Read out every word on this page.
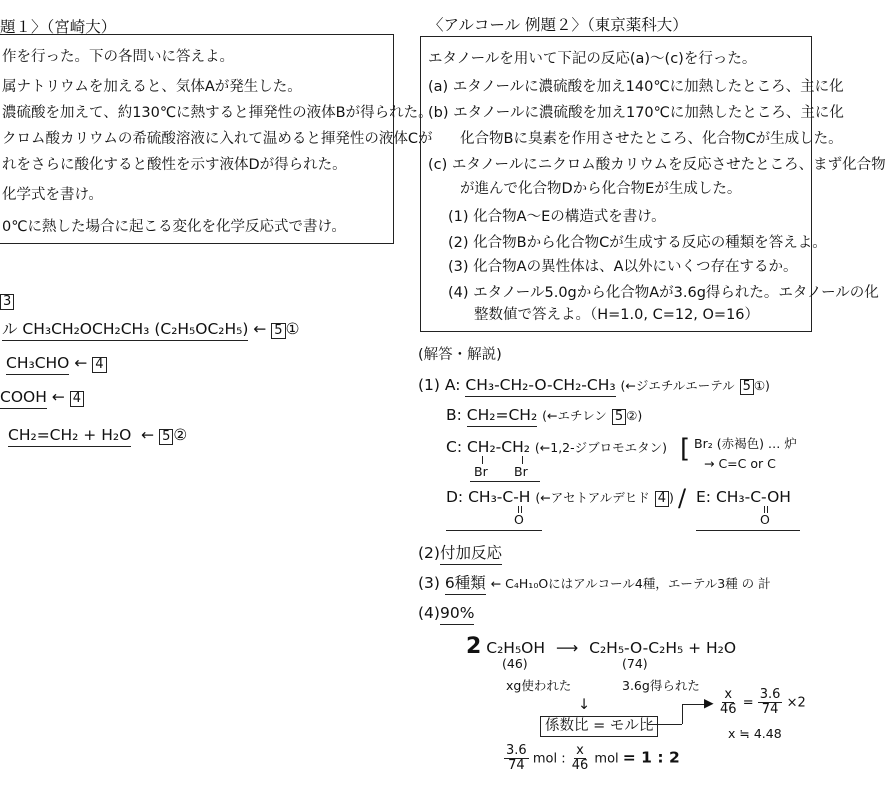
題１〉（宮崎大）
作を行った。下の各問いに答えよ。
属ナトリウムを加えると、気体Aが発生した。
濃硫酸を加えて、約130℃に熱すると揮発性の液体Bが得られた。
クロム酸カリウムの希硫酸溶液に入れて温めると揮発性の液体Cが
れをさらに酸化すると酸性を示す液体Dが得られた。
化学式を書け。
0℃に熱した場合に起こる変化を化学反応式で書け。
3
ル CH₃CH₂OCH₂CH₃ (C₂H₅OC₂H₅) ← 5 ①
CH₃CHO ← 4
COOH ← 4
CH₂=CH₂ + H₂O  ← 5 ②
〈アルコール 例題２〉（東京薬科大）
エタノールを用いて下記の反応(a)〜(c)を行った。
(a) エタノールに濃硫酸を加え140℃に加熱したところ、主に化
(b) エタノールに濃硫酸を加え170℃に加熱したところ、主に化
化合物Bに臭素を作用させたところ、化合物Cが生成した。
(c) エタノールにニクロム酸カリウムを反応させたところ、まず化合物
が進んで化合物Dから化合物Eが生成した。
(1) 化合物A〜Eの構造式を書け。
(2) 化合物Bから化合物Cが生成する反応の種類を答えよ。
(3) 化合物Aの異性体は、A以外にいくつ存在するか。
(4) エタノール5.0gから化合物Aが3.6g得られた。エタノールの化
整数値で答えよ。（H=1.0, C=12, O=16）
(解答・解説)
(1) A: CH₃-CH₂-O-CH₂-CH₃ (←ジエチルエーテル 5 ①)
B: CH₂=CH₂ (←エチレン 5 ②)
C: CH₂-CH₂ (←1,2-ジブロモエタン)
Br Br
[ Br₂ (赤褐色) … 炉
→ C=C or C
D: CH₃-C-H (←アセトアルデヒド 4 )
O
/ E: CH₃-C-OH
O
(2)付加反応
(3) 6種類 ← C₄H₁₀Oにはアルコール4種，エーテル3種 の 計
(4)90%
2 C₂H₅OH ⟶ C₂H₅-O-C₂H₅ + H₂O
(46)	(74)
xg使われた	3.6g得られた
↓
係数比 = モル比
$\frac{3.6}{74}$ mol : $\frac{x}{46}$ mol = 1 : 2
▶ $\frac{x}{46} = \frac{3.6}{74} \times 2$
x ≒ 4.48
